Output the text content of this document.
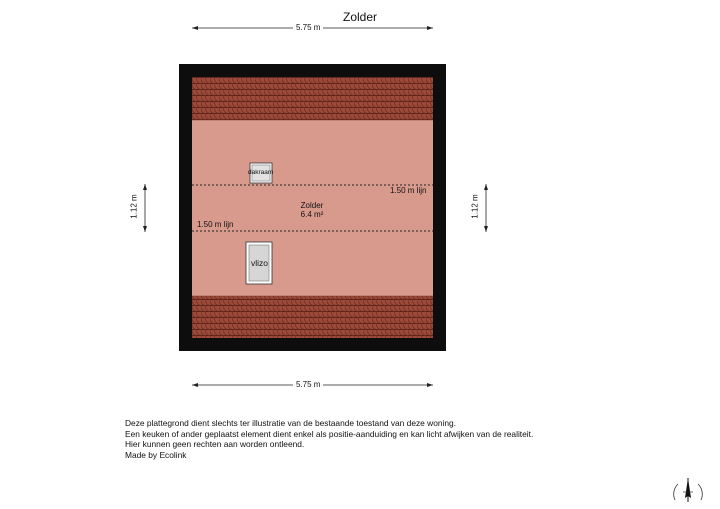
Zolder
5.75 m
5.75 m
1.12 m	1.12 m
Zolder
6.4 m²
dakraam
vlizo
1.50 m lijn
1.50 m lijn
Deze plattegrond dient slechts ter illustratie van de bestaande toestand van deze woning.
Een keuken of ander geplaatst element dient enkel als positie-aanduiding en kan licht afwijken van de realiteit.
Hier kunnen geen rechten aan worden ontleend.
Made by Ecolink
